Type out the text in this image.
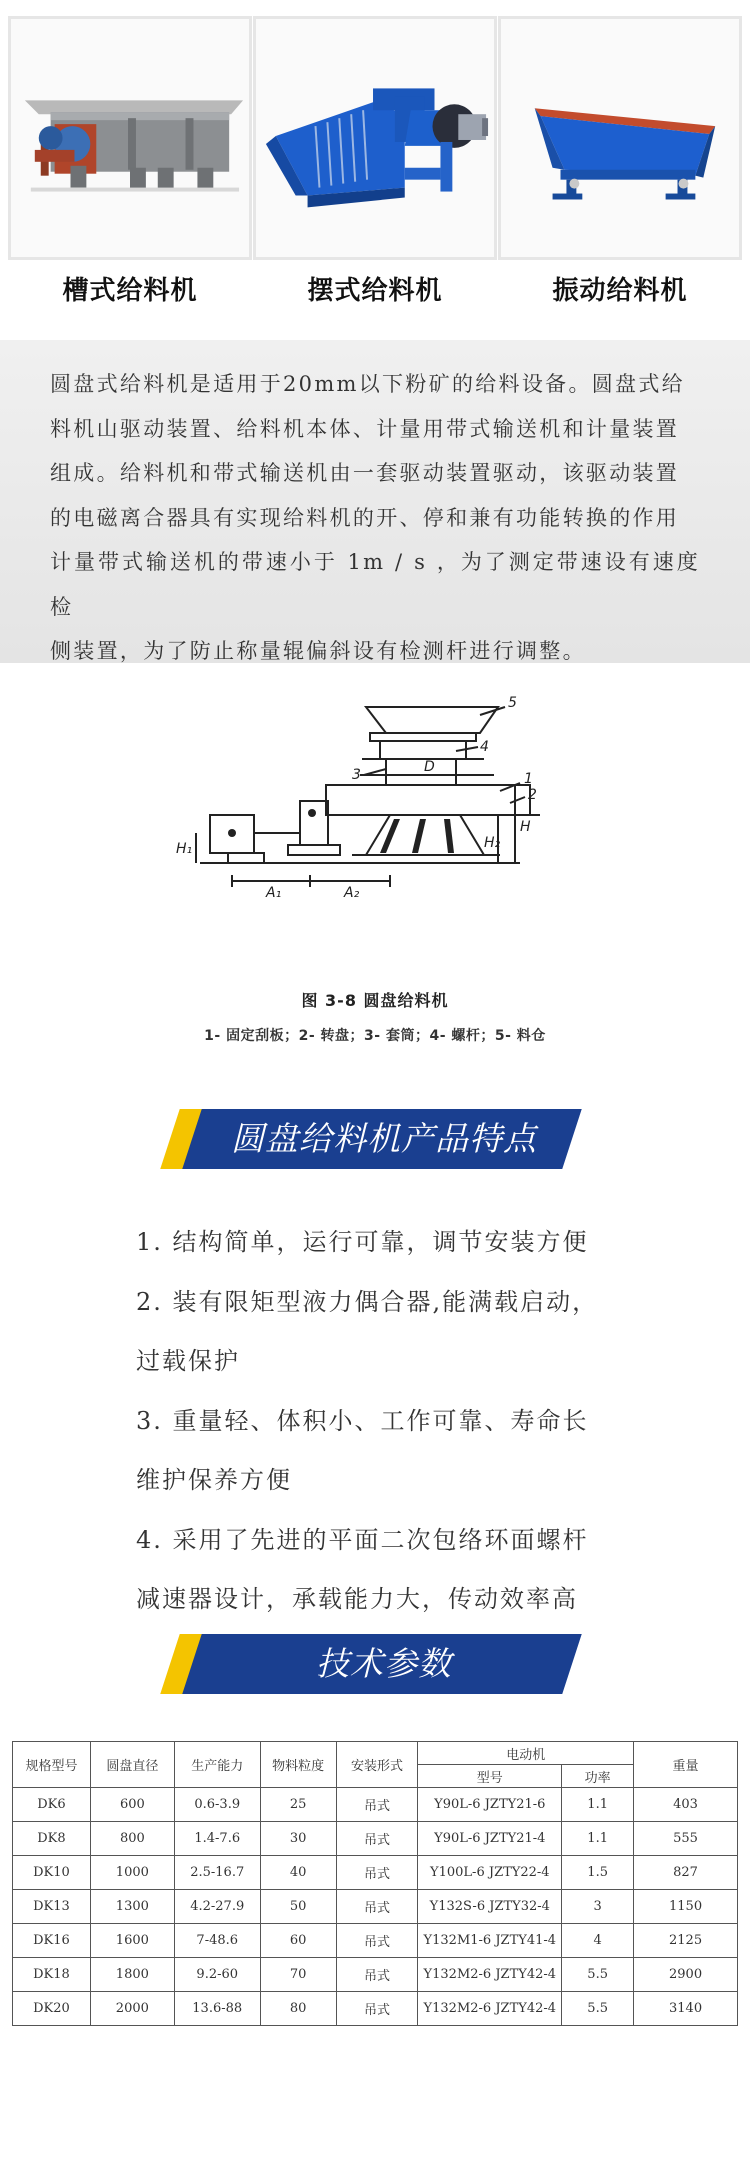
槽式给料机	摆式给料机	振动给料机

圆盘式给料机是适用于20mm以下粉矿的给料设备。圆盘式给
料机山驱动装置、给料机本体、计量用带式输送机和计量装置
组成。给料机和带式输送机由一套驱动装置驱动，该驱动装置
的电磁离合器具有实现给料机的开、停和兼有功能转换的作用
计量带式输送机的带速小于 1m / s ，为了测定带速设有速度检
侧装置，为了防止称量辊偏斜设有检测杆进行调整。

5
4
3	1
2
D
H
H₁	H₂
A₁	A₂
图 3-8 圆盘给料机
1- 固定刮板；2- 转盘；3- 套筒；4- 螺杆；5- 料仓
圆盘给料机产品特点
1. 结构简单，运行可靠，调节安装方便
2. 装有限矩型液力偶合器,能满载启动，
过载保护
3. 重量轻、体积小、工作可靠、寿命长
维护保养方便
4. 采用了先进的平面二次包络环面螺杆
减速器设计，承载能力大，传动效率高
技术参数
规格型号	圆盘直径	生产能力	物料粒度	安装形式	电动机		重量
					型号	功率	
DK6	600	0.6-3.9	25	吊式	Y90L-6 JZTY21-6	1.1	403
DK8	800	1.4-7.6	30	吊式	Y90L-6 JZTY21-4	1.1	555
DK10	1000	2.5-16.7	40	吊式	Y100L-6 JZTY22-4	1.5	827
DK13	1300	4.2-27.9	50	吊式	Y132S-6 JZTY32-4	3	1150
DK16	1600	7-48.6	60	吊式	Y132M1-6 JZTY41-4	4	2125
DK18	1800	9.2-60	70	吊式	Y132M2-6 JZTY42-4	5.5	2900
DK20	2000	13.6-88	80	吊式	Y132M2-6 JZTY42-4	5.5	3140
